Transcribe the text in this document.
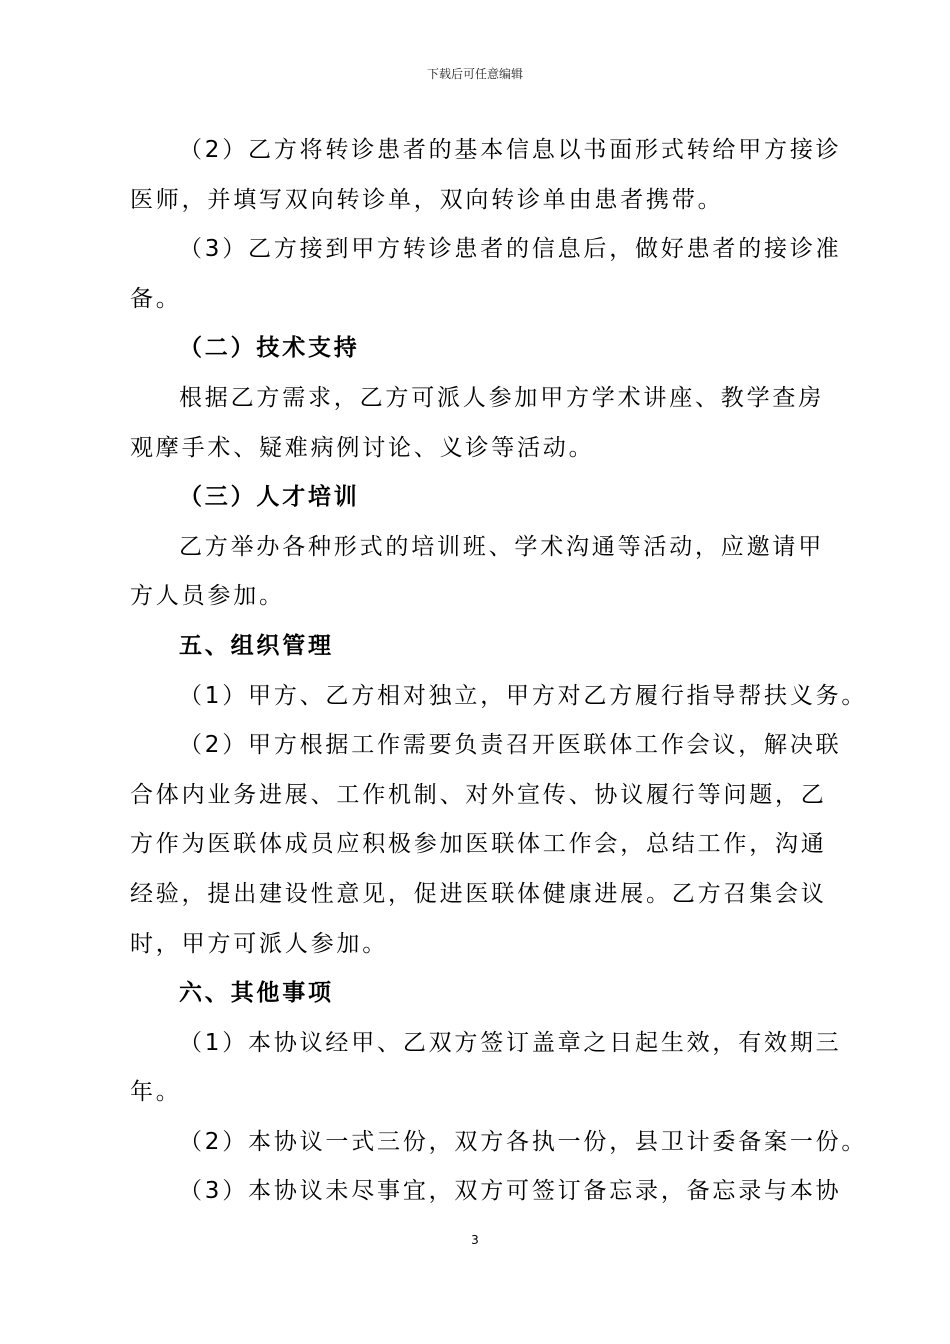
下载后可任意编辑

（2）乙方将转诊患者的基本信息以书面形式转给甲方接诊
医师，并填写双向转诊单，双向转诊单由患者携带。

（3）乙方接到甲方转诊患者的信息后，做好患者的接诊准
备。

（二）技术支持

根据乙方需求，乙方可派人参加甲方学术讲座、教学查房
观摩手术、疑难病例讨论、义诊等活动。

（三）人才培训

乙方举办各种形式的培训班、学术沟通等活动，应邀请甲
方人员参加。

五、组织管理

（1）甲方、乙方相对独立，甲方对乙方履行指导帮扶义务。

（2）甲方根据工作需要负责召开医联体工作会议，解决联
合体内业务进展、工作机制、对外宣传、协议履行等问题，乙
方作为医联体成员应积极参加医联体工作会，总结工作，沟通
经验，提出建设性意见，促进医联体健康进展。乙方召集会议
时，甲方可派人参加。

六、其他事项

（1）本协议经甲、乙双方签订盖章之日起生效，有效期三
年。

（2）本协议一式三份，双方各执一份，县卫计委备案一份。

（3）本协议未尽事宜，双方可签订备忘录，备忘录与本协

3
